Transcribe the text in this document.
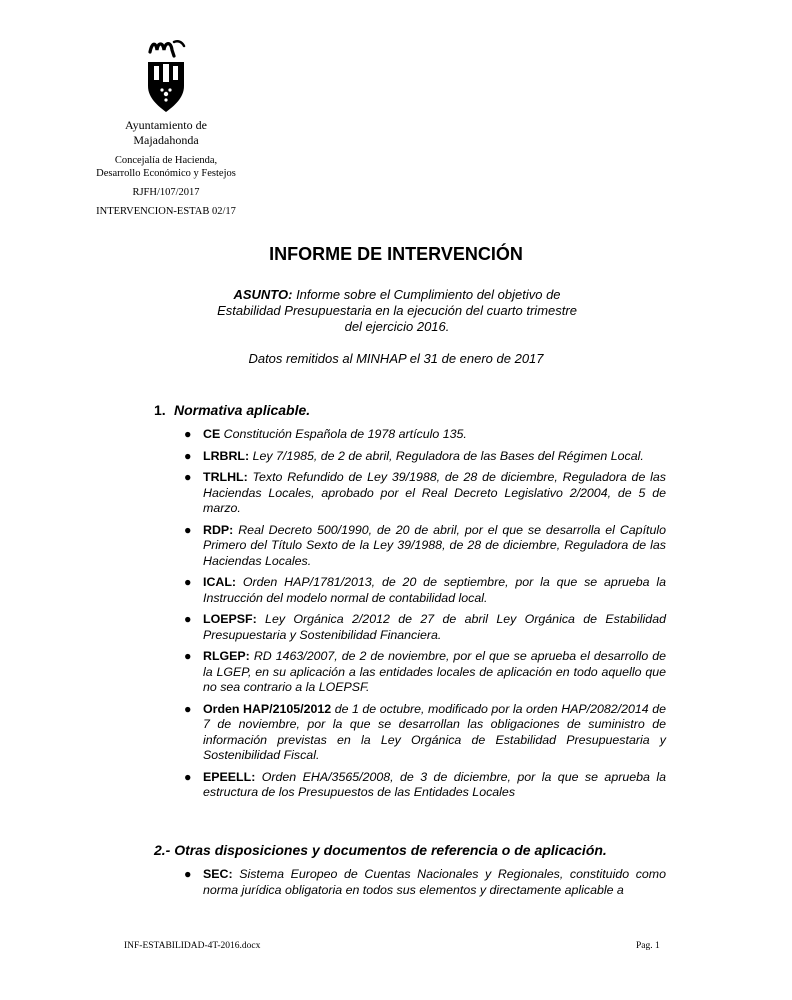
Ayuntamiento de
Majadahonda
Concejalía de Hacienda,
Desarrollo Económico y Festejos
RJFH/107/2017
INTERVENCION-ESTAB 02/17
INFORME DE INTERVENCIÓN
ASUNTO: Informe sobre el Cumplimiento del objetivo de Estabilidad Presupuestaria en la ejecución del cuarto trimestre del ejercicio 2016.
Datos remitidos al MINHAP el 31 de enero de 2017
1. Normativa aplicable.
● CE Constitución Española de 1978 artículo 135.
● LRBRL: Ley 7/1985, de 2 de abril, Reguladora de las Bases del Régimen Local.
● TRLHL: Texto Refundido de Ley 39/1988, de 28 de diciembre, Reguladora de las Haciendas Locales, aprobado por el Real Decreto Legislativo 2/2004, de 5 de marzo.
● RDP: Real Decreto 500/1990, de 20 de abril, por el que se desarrolla el Capítulo Primero del Título Sexto de la Ley 39/1988, de 28 de diciembre, Reguladora de las Haciendas Locales.
● ICAL: Orden HAP/1781/2013, de 20 de septiembre, por la que se aprueba la Instrucción del modelo normal de contabilidad local.
● LOEPSF: Ley Orgánica 2/2012 de 27 de abril Ley Orgánica de Estabilidad Presupuestaria y Sostenibilidad Financiera.
● RLGEP: RD 1463/2007, de 2 de noviembre, por el que se aprueba el desarrollo de la LGEP, en su aplicación a las entidades locales de aplicación en todo aquello que no sea contrario a la LOEPSF.
● Orden HAP/2105/2012 de 1 de octubre, modificado por la orden HAP/2082/2014 de 7 de noviembre, por la que se desarrollan las obligaciones de suministro de información previstas en la Ley Orgánica de Estabilidad Presupuestaria y Sostenibilidad Fiscal.
● EPEELL: Orden EHA/3565/2008, de 3 de diciembre, por la que se aprueba la estructura de los Presupuestos de las Entidades Locales
2.- Otras disposiciones y documentos de referencia o de aplicación.
● SEC: Sistema Europeo de Cuentas Nacionales y Regionales, constituido como norma jurídica obligatoria en todos sus elementos y directamente aplicable a
INF-ESTABILIDAD-4T-2016.docx	Pag. 1
